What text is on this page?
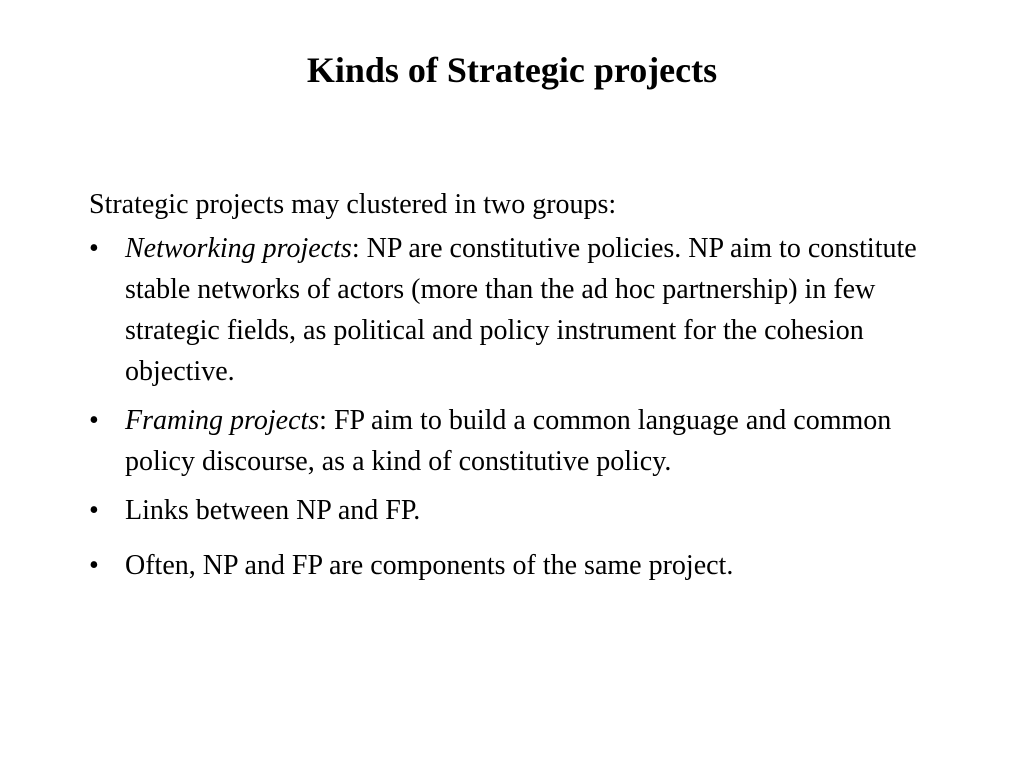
Kinds of Strategic projects
Strategic projects may clustered in two groups:
• Networking projects: NP are constitutive policies. NP aim to constitute stable networks of actors (more than the ad hoc partnership) in few strategic fields, as political and policy instrument for the cohesion objective.
• Framing projects: FP aim to build a common language and common policy discourse, as a kind of constitutive policy.
• Links between NP and FP.
• Often, NP and FP are components of the same project.
